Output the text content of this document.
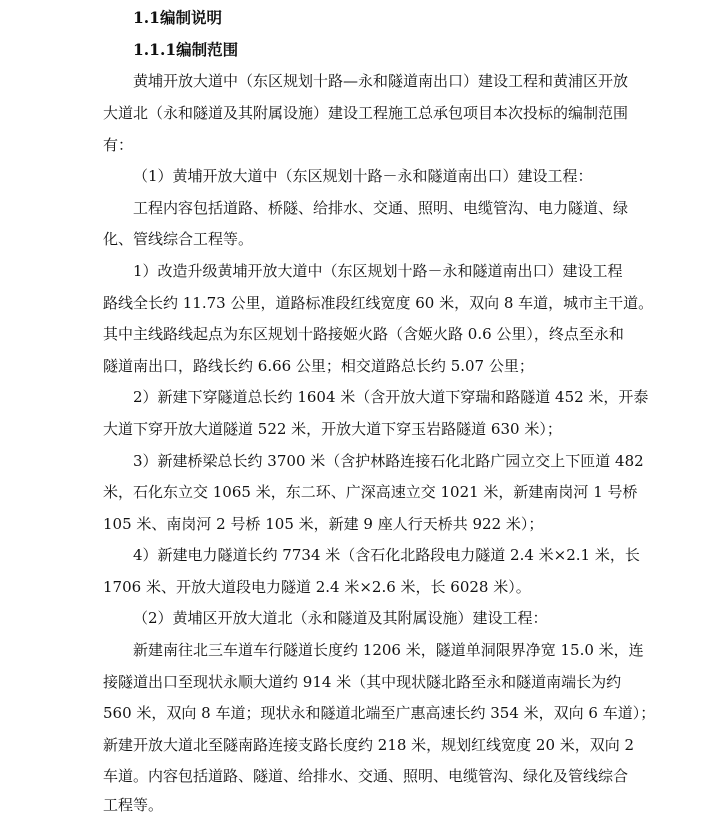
1.1编制说明
1.1.1编制范围
黄埔开放大道中（东区规划十路—永和隧道南出口）建设工程和黄浦区开放
大道北（永和隧道及其附属设施）建设工程施工总承包项目本次投标的编制范围
有：
（1）黄埔开放大道中（东区规划十路－永和隧道南出口）建设工程：
工程内容包括道路、桥隧、给排水、交通、照明、电缆管沟、电力隧道、绿
化、管线综合工程等。
1）改造升级黄埔开放大道中（东区规划十路－永和隧道南出口）建设工程
路线全长约 11.73 公里，道路标准段红线宽度 60 米，双向 8 车道，城市主干道。
其中主线路线起点为东区规划十路接姬火路（含姬火路 0.6 公里），终点至永和
隧道南出口，路线长约 6.66 公里；相交道路总长约 5.07 公里；
2）新建下穿隧道总长约 1604 米（含开放大道下穿瑞和路隧道 452 米，开泰
大道下穿开放大道隧道 522 米，开放大道下穿玉岩路隧道 630 米）；
3）新建桥梁总长约 3700 米（含护林路连接石化北路广园立交上下匝道 482
米，石化东立交 1065 米，东二环、广深高速立交 1021 米，新建南岗河 1 号桥
105 米、南岗河 2 号桥 105 米，新建 9 座人行天桥共 922 米）；
4）新建电力隧道长约 7734 米（含石化北路段电力隧道 2.4 米×2.1 米，长
1706 米、开放大道段电力隧道 2.4 米×2.6 米，长 6028 米）。
（2）黄埔区开放大道北（永和隧道及其附属设施）建设工程：
新建南往北三车道车行隧道长度约 1206 米，隧道单洞限界净宽 15.0 米，连
接隧道出口至现状永顺大道约 914 米（其中现状隧北路至永和隧道南端长为约
560 米，双向 8 车道；现状永和隧道北端至广惠高速长约 354 米，双向 6 车道）；
新建开放大道北至隧南路连接支路长度约 218 米，规划红线宽度 20 米，双向 2
车道。内容包括道路、隧道、给排水、交通、照明、电缆管沟、绿化及管线综合
工程等。
